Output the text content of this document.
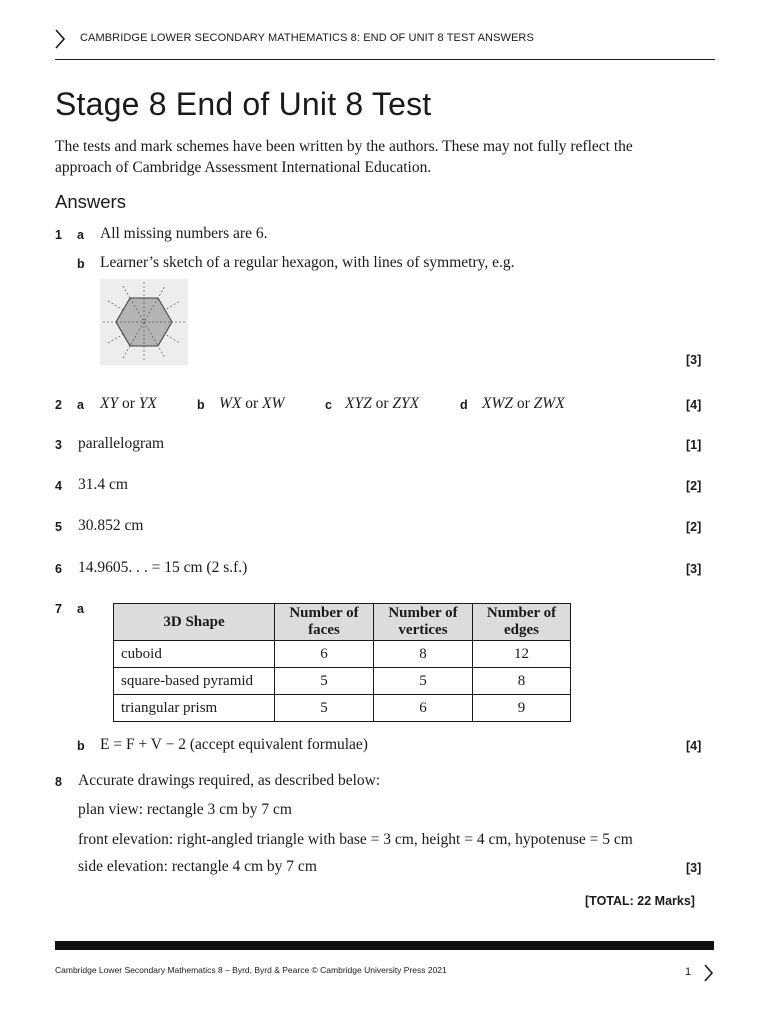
CAMBRIDGE LOWER SECONDARY MATHEMATICS 8: END OF UNIT 8 TEST ANSWERS
Stage 8 End of Unit 8 Test
The tests and mark schemes have been written by the authors. These may not fully reflect the
approach of Cambridge Assessment International Education.
Answers
1 a All missing numbers are 6.
b Learner’s sketch of a regular hexagon, with lines of symmetry, e.g.
[3]
2 a XY or YX	b WX or XW	c XYZ or ZYX	d XWZ or ZWX	[4]
3 parallelogram	[1]
4 31.4 cm	[2]
5 30.852 cm	[2]
6 14.9605. . . = 15 cm (2 s.f.)	[3]
7 a
3D Shape	Number of faces	Number of vertices	Number of edges
cuboid	6	8	12
square-based pyramid	5	5	8
triangular prism	5	6	9
b E = F + V − 2 (accept equivalent formulae)	[4]
8 Accurate drawings required, as described below:
plan view: rectangle 3 cm by 7 cm
front elevation: right-angled triangle with base = 3 cm, height = 4 cm, hypotenuse = 5 cm
side elevation: rectangle 4 cm by 7 cm	[3]
[TOTAL: 22 Marks]
Cambridge Lower Secondary Mathematics 8 – Byrd, Byrd & Pearce © Cambridge University Press 2021	1
